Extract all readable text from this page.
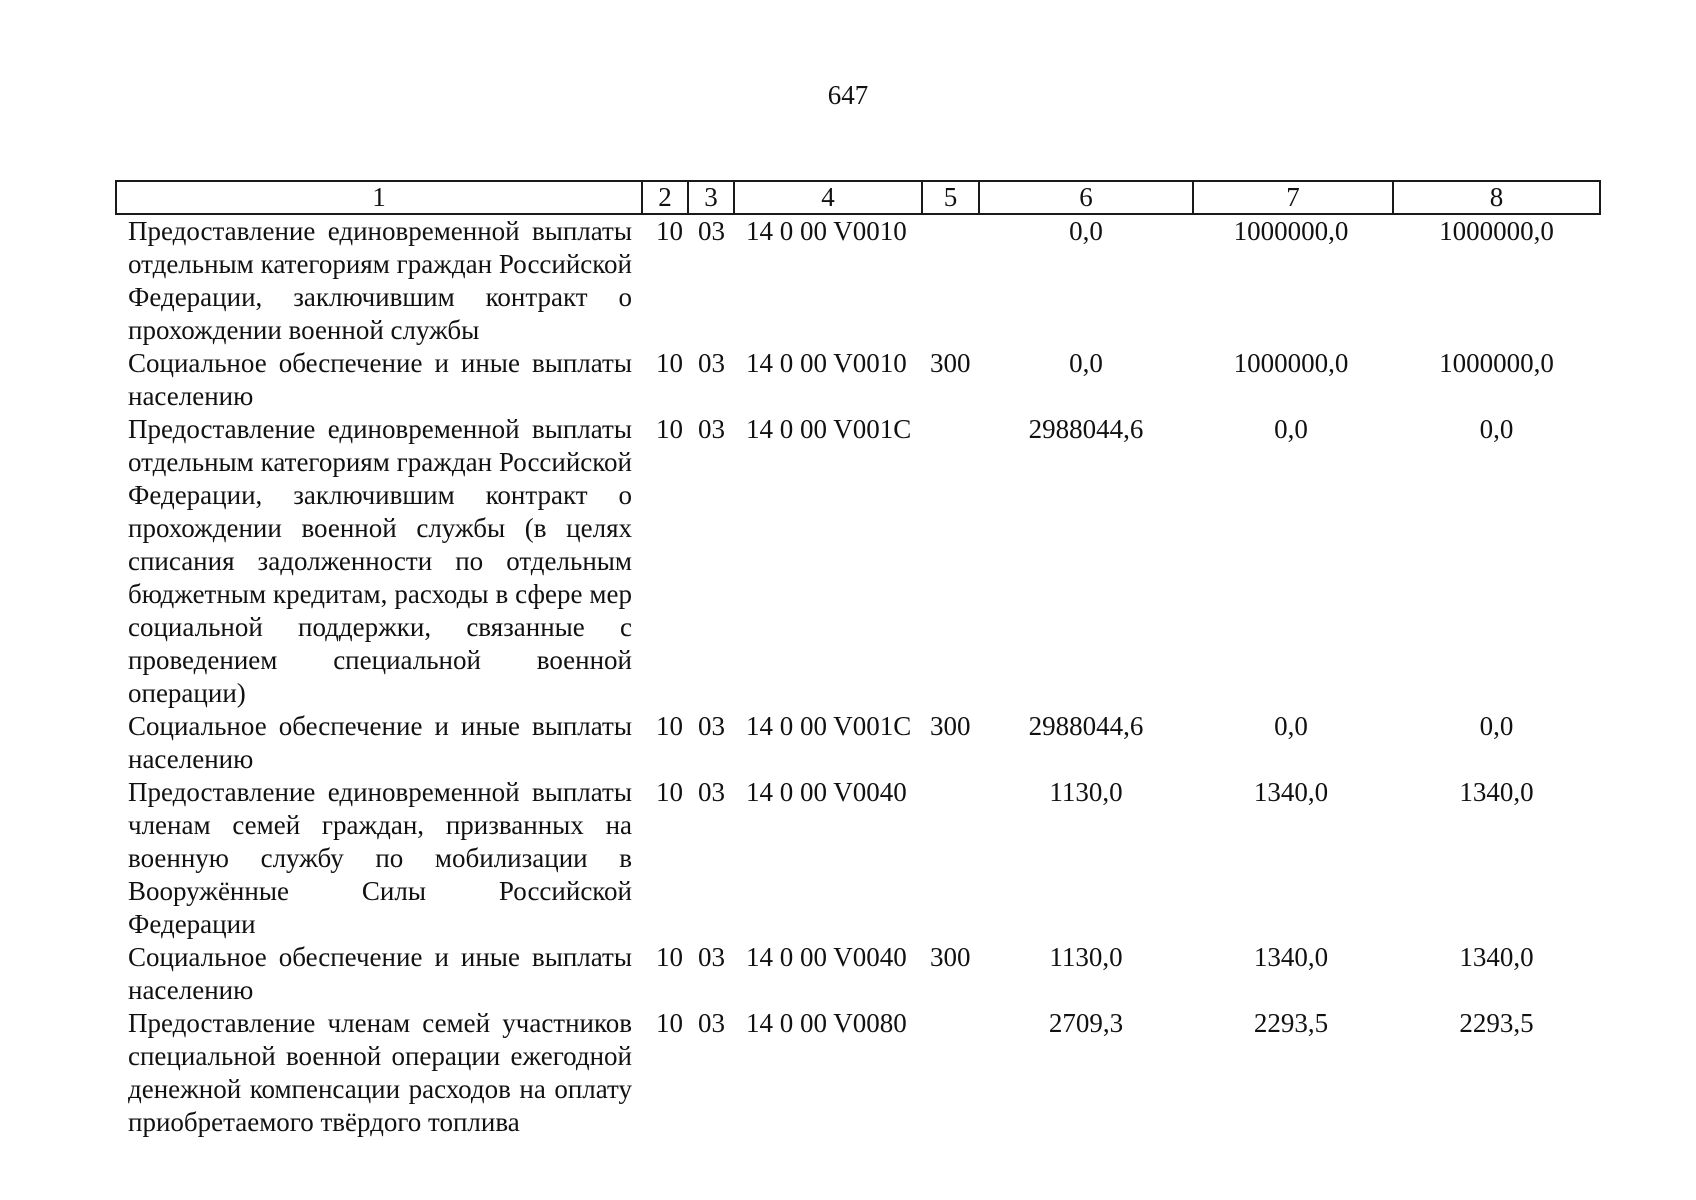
647
1	2	3	4	5	6	7	8
Предоставление единовременной выплаты отдельным категориям граждан Российской Федерации, заключившим контракт о прохождении военной службы	10	03	14 0 00 V0010		0,0	1000000,0	1000000,0
Социальное обеспечение и иные выплаты населению	10	03	14 0 00 V0010	300	0,0	1000000,0	1000000,0
Предоставление единовременной выплаты отдельным категориям граждан Российской Федерации, заключившим контракт о прохождении военной службы (в целях списания задолженности по отдельным бюджетным кредитам, расходы в сфере мер социальной поддержки, связанные с проведением специальной военной операции)	10	03	14 0 00 V001C		2988044,6	0,0	0,0
Социальное обеспечение и иные выплаты населению	10	03	14 0 00 V001C	300	2988044,6	0,0	0,0
Предоставление единовременной выплаты членам семей граждан, призванных на военную службу по мобилизации в Вооружённые Силы Российской Федерации	10	03	14 0 00 V0040		1130,0	1340,0	1340,0
Социальное обеспечение и иные выплаты населению	10	03	14 0 00 V0040	300	1130,0	1340,0	1340,0
Предоставление членам семей участников специальной военной операции ежегодной денежной компенсации расходов на оплату приобретаемого твёрдого топлива	10	03	14 0 00 V0080		2709,3	2293,5	2293,5
